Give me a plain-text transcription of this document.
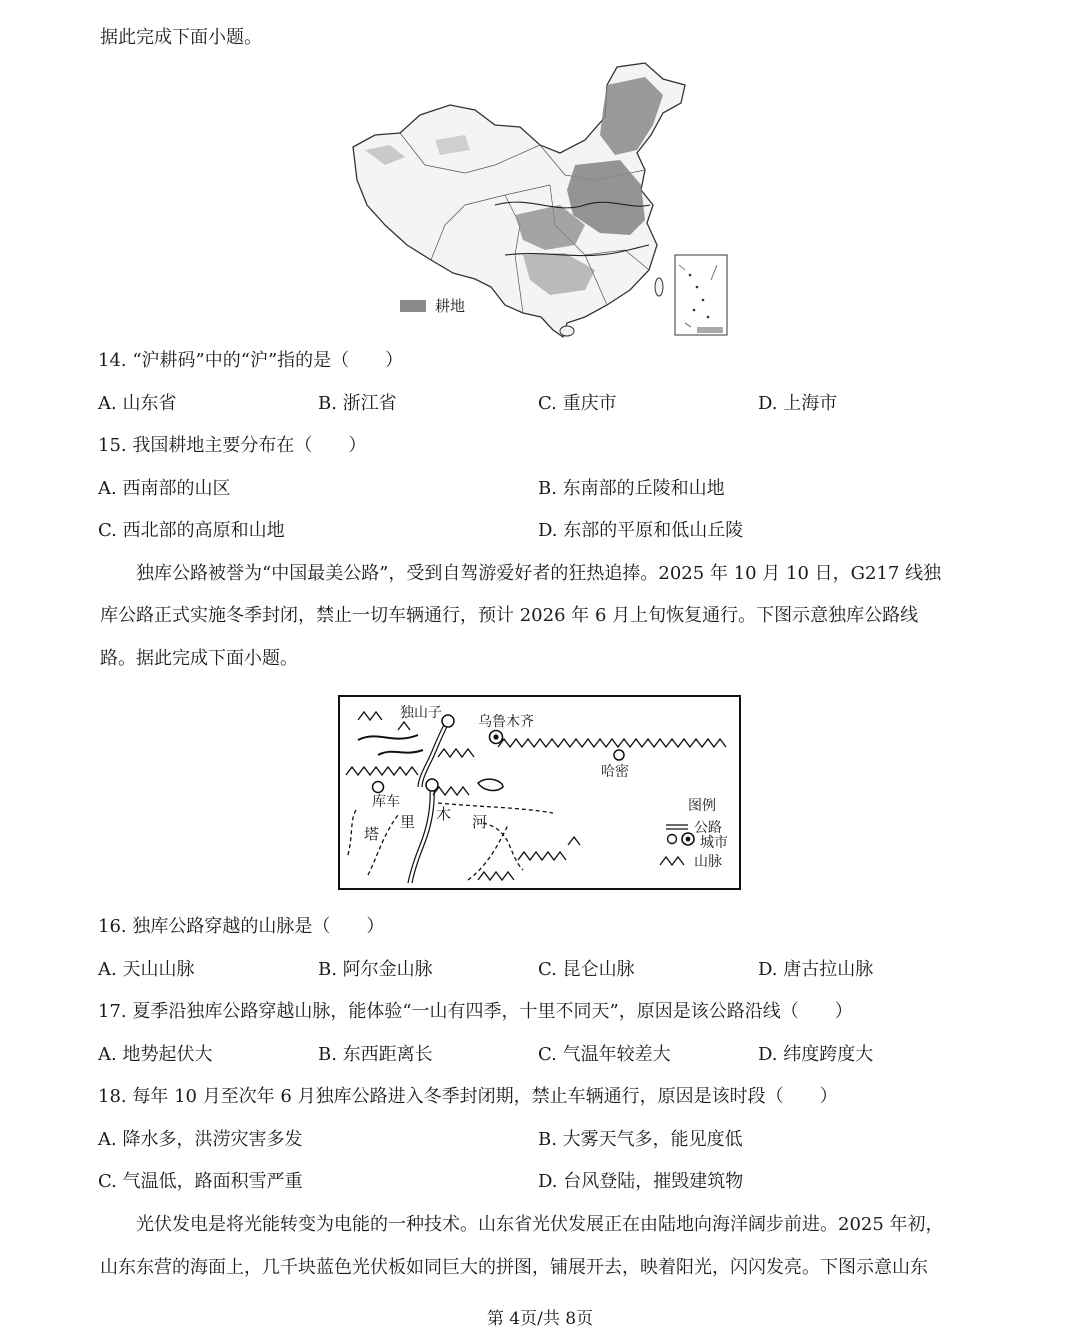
据此完成下面小题。
耕地
14. “沪耕码”中的“沪”指的是（　　）
A. 山东省	B. 浙江省	C. 重庆市	D. 上海市
15. 我国耕地主要分布在（　　）
A. 西南部的山区	B. 东南部的丘陵和山地
C. 西北部的高原和山地	D. 东部的平原和低山丘陵
独库公路被誉为“中国最美公路”，受到自驾游爱好者的狂热追捧。2025 年 10 月 10 日，G217 线独
库公路正式实施冬季封闭，禁止一切车辆通行，预计 2026 年 6 月上旬恢复通行。下图示意独库公路线
路。据此完成下面小题。
独山子
乌鲁木齐
哈密
库车
塔
里 木 河
图例
公路
城市
山脉
16. 独库公路穿越的山脉是（　　）
A. 天山山脉	B. 阿尔金山脉	C. 昆仑山脉	D. 唐古拉山脉
17. 夏季沿独库公路穿越山脉，能体验“一山有四季，十里不同天”，原因是该公路沿线（　　）
A. 地势起伏大	B. 东西距离长	C. 气温年较差大	D. 纬度跨度大
18. 每年 10 月至次年 6 月独库公路进入冬季封闭期，禁止车辆通行，原因是该时段（　　）
A. 降水多，洪涝灾害多发	B. 大雾天气多，能见度低
C. 气温低，路面积雪严重	D. 台风登陆，摧毁建筑物
光伏发电是将光能转变为电能的一种技术。山东省光伏发展正在由陆地向海洋阔步前进。2025 年初，
山东东营的海面上，几千块蓝色光伏板如同巨大的拼图，铺展开去，映着阳光，闪闪发亮。下图示意山东
第 4页/共 8页
